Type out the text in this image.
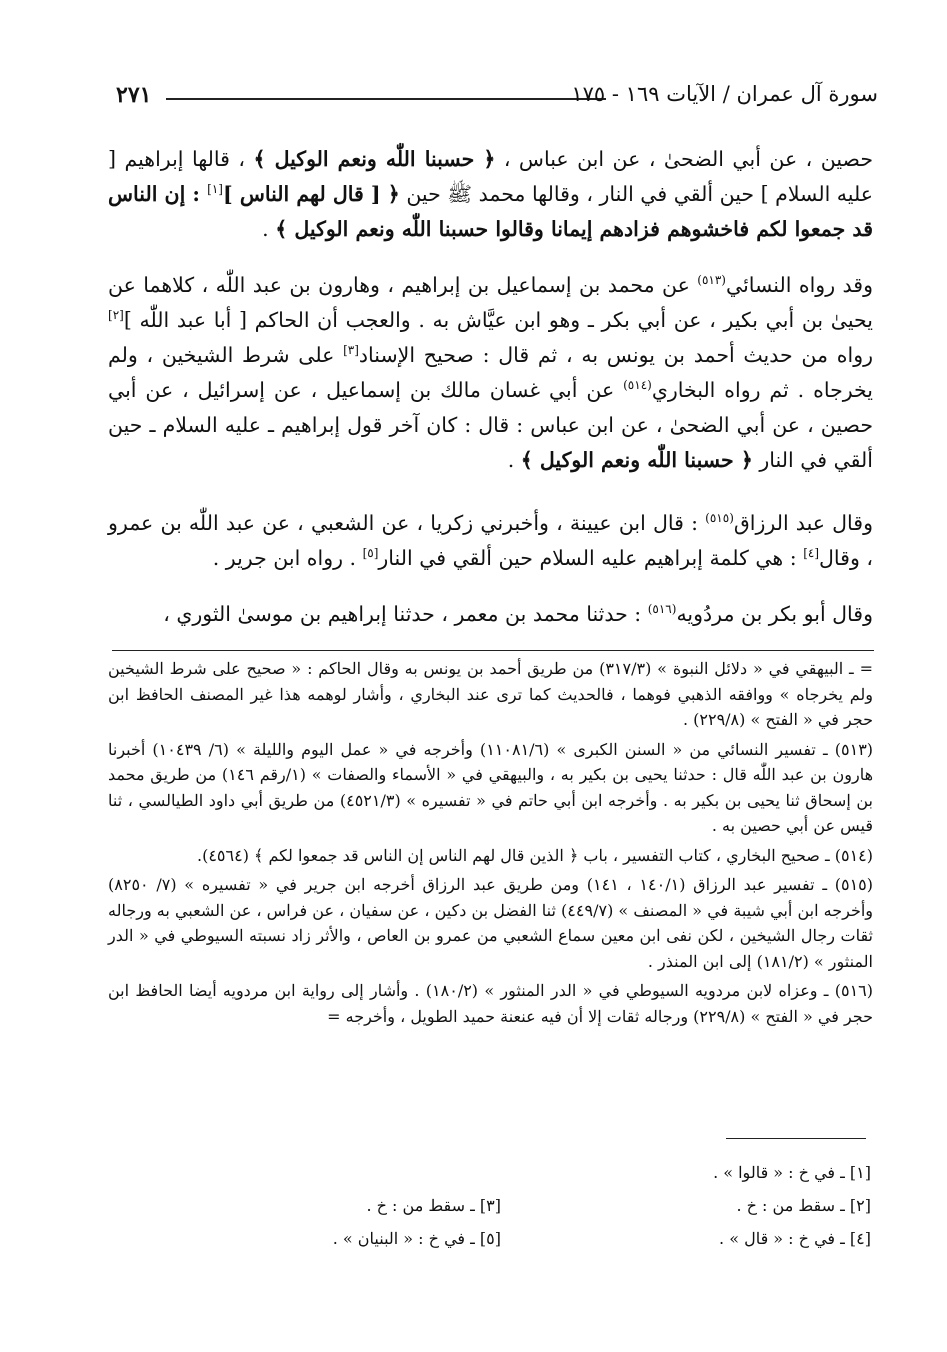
٢٧١	سورة آل عمران / الآيات ١٦٩ - ١٧٥
حصين ، عن أبي الضحىٰ ، عن ابن عباس ، ﴿ حسبنا اللّٰه ونعم الوكيل ﴾ ، قالها إبراهيم [ عليه السلام ] حين ألقي في النار ، وقالها محمد ﷺ حين ﴿ [ قال لهم الناس ][١] : إن الناس قد جمعوا لكم فاخشوهم فزادهم إيمانا وقالوا حسبنا اللّٰه ونعم الوكيل ﴾ .
وقد رواه النسائي$^{(٥١٣)}$ عن محمد بن إسماعيل بن إبراهيم ، وهارون بن عبد اللّٰه ، كلاهما عن يحيىٰ بن أبي بكير ، عن أبي بكر ـ وهو ابن عيَّاش به . والعجب أن الحاكم [ أبا عبد اللّٰه ][٢] رواه من حديث أحمد بن يونس به ، ثم قال : صحيح الإسناد[٣] على شرط الشيخين ، ولم يخرجاه . ثم رواه البخاري$^{(٥١٤)}$ عن أبي غسان مالك بن إسماعيل ، عن إسرائيل ، عن أبي حصين ، عن أبي الضحىٰ ، عن ابن عباس : قال : كان آخر قول إبراهيم ـ عليه السلام ـ حين ألقي في النار ﴿ حسبنا اللّٰه ونعم الوكيل ﴾ .
وقال عبد الرزاق$^{(٥١٥)}$ : قال ابن عيينة ، وأخبرني زكريا ، عن الشعبي ، عن عبد اللّٰه بن عمرو ، وقال[٤] : هي كلمة إبراهيم عليه السلام حين ألقي في النار[٥] . رواه ابن جرير .
وقال أبو بكر بن مردُويه$^{(٥١٦)}$ : حدثنا محمد بن معمر ، حدثنا إبراهيم بن موسىٰ الثوري ،
= ـ البيهقي في « دلائل النبوة » (٣١٧/٣) من طريق أحمد بن يونس به وقال الحاكم : « صحيح على شرط الشيخين ولم يخرجاه » ووافقه الذهبي فوهما ، فالحديث كما ترى عند البخاري ، وأشار لوهمه هذا غير المصنف الحافظ ابن حجر في « الفتح » (٢٢٩/٨) .
(٥١٣) ـ تفسير النسائي من « السنن الكبرى » (١١٠٨١/٦) وأخرجه في « عمل اليوم والليلة » (٦/ ١٠٤٣٩) أخبرنا هارون بن عبد اللّٰه قال : حدثنا يحيى بن بكير به ، والبيهقي في « الأسماء والصفات » (١/رقم ١٤٦) من طريق محمد بن إسحاق ثنا يحيى بن بكير به . وأخرجه ابن أبي حاتم في « تفسيره » (٤٥٢١/٣) من طريق أبي داود الطيالسي ، ثنا قيس عن أبي حصين به .
(٥١٤) ـ صحيح البخاري ، كتاب التفسير ، باب ﴿ الذين قال لهم الناس إن الناس قد جمعوا لكم ﴾ (٤٥٦٤).
(٥١٥) ـ تفسير عبد الرزاق (١٤٠/١ ، ١٤١) ومن طريق عبد الرزاق أخرجه ابن جرير في « تفسيره » (٧/ ٨٢٥٠) وأخرجه ابن أبي شيبة في « المصنف » (٤٤٩/٧) ثنا الفضل بن دكين ، عن سفيان ، عن فراس ، عن الشعبي به ورجاله ثقات رجال الشيخين ، لكن نفى ابن معين سماع الشعبي من عمرو بن العاص ، والأثر زاد نسبته السيوطي في « الدر المنثور » (١٨١/٢) إلى ابن المنذر .
(٥١٦) ـ وعزاه لابن مردويه السيوطي في « الدر المنثور » (١٨٠/٢) . وأشار إلى رواية ابن مردويه أيضا الحافظ ابن حجر في « الفتح » (٢٢٩/٨) ورجاله ثقات إلا أن فيه عنعنة حميد الطويل ، وأخرجه =
[١] ـ في خ : « قالوا » .
[٢] ـ سقط من : خ .
[٤] ـ في خ : « قال » .
[٣] ـ سقط من : خ .
[٥] ـ في خ : « البنيان » .
